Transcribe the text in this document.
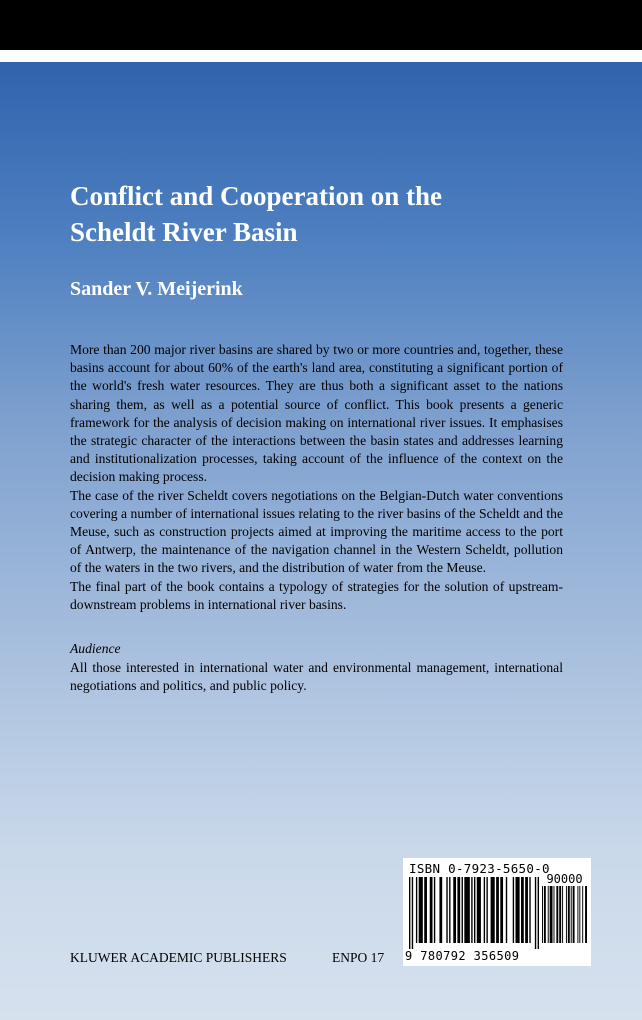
Conflict and Cooperation on the
Scheldt River Basin

Sander V. Meijerink

More than 200 major river basins are shared by two or more countries and, together, these basins account for about 60% of the earth's land area, constituting a significant portion of the world's fresh water resources. They are thus both a significant asset to the nations sharing them, as well as a potential source of conflict. This book presents a generic framework for the analysis of decision making on international river issues. It emphasises the strategic character of the interactions between the basin states and addresses learning and institutionalization processes, taking account of the influence of the context on the decision making process.

The case of the river Scheldt covers negotiations on the Belgian-Dutch water conventions covering a number of international issues relating to the river basins of the Scheldt and the Meuse, such as construction projects aimed at improving the maritime access to the port of Antwerp, the maintenance of the navigation channel in the Western Scheldt, pollution of the waters in the two rivers, and the distribution of water from the Meuse.

The final part of the book contains a typology of strategies for the solution of upstream-downstream problems in international river basins.

Audience

All those interested in international water and environmental management, international negotiations and politics, and public policy.

KLUWER ACADEMIC PUBLISHERS	ENPO 17
ISBN 0-7923-5650-0
90000
9 780792 356509
